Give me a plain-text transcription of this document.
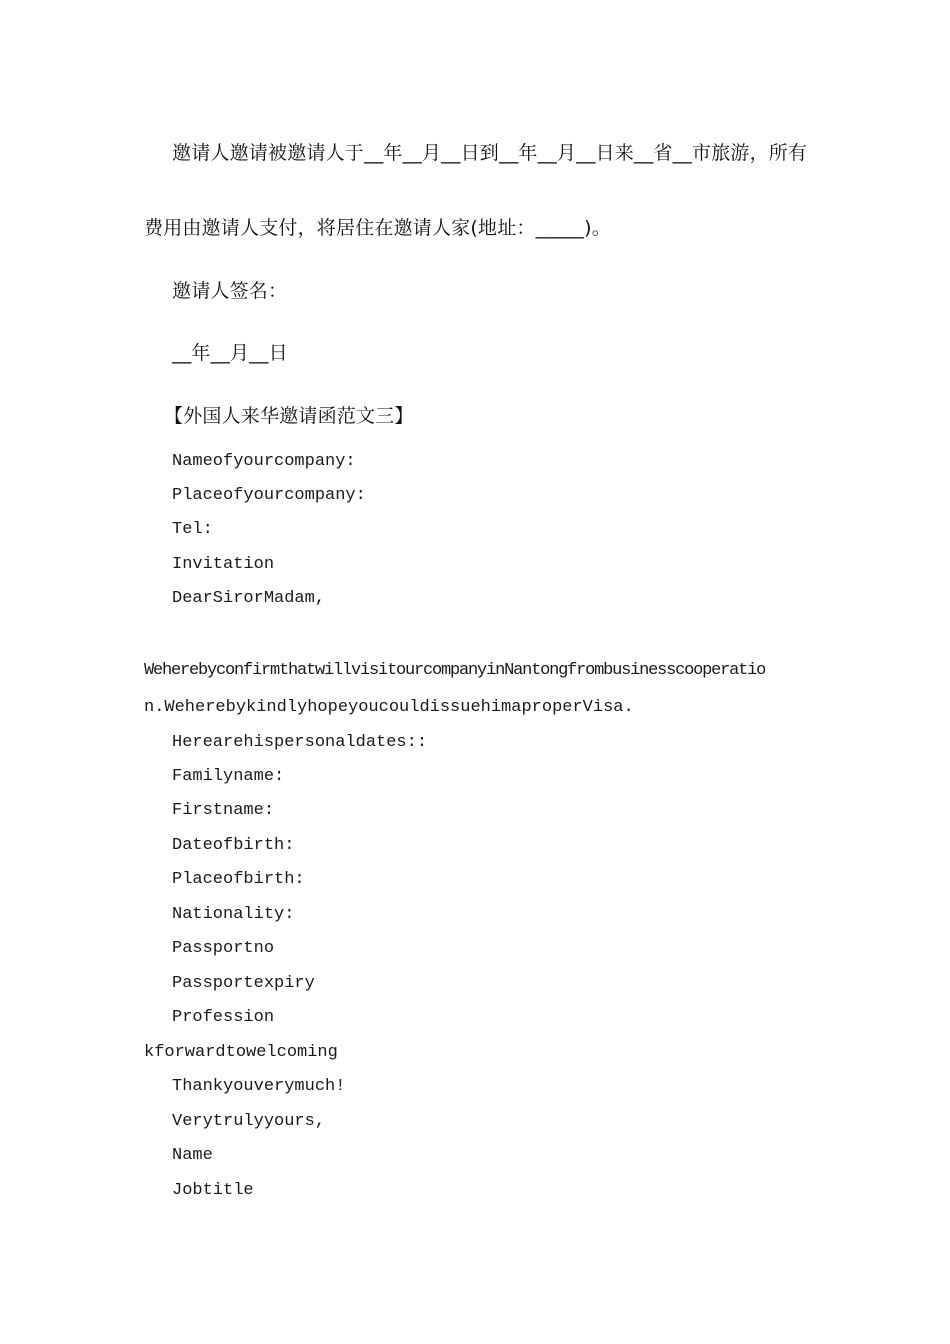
邀请人邀请被邀请人于__年__月__日到__年__月__日来__省__市旅游，所有

费用由邀请人支付，将居住在邀请人家(地址：_____)。

邀请人签名：

__年__月__日

【外国人来华邀请函范文三】

Nameofyourcompany:

Placeofyourcompany:

Tel:

Invitation

DearSirorMadam,

WeherebyconfirmthatwillvisitourcompanyinNantongfrombusinesscooperatio

n.WeherebykindlyhopeyoucouldissuehimaproperVisa.

Herearehispersonaldates::

Familyname:

Firstname:

Dateofbirth:

Placeofbirth:

Nationality:

Passportno

Passportexpiry

Profession

kforwardtowelcoming

Thankyouverymuch!

Verytrulyyours,

Name

Jobtitle
